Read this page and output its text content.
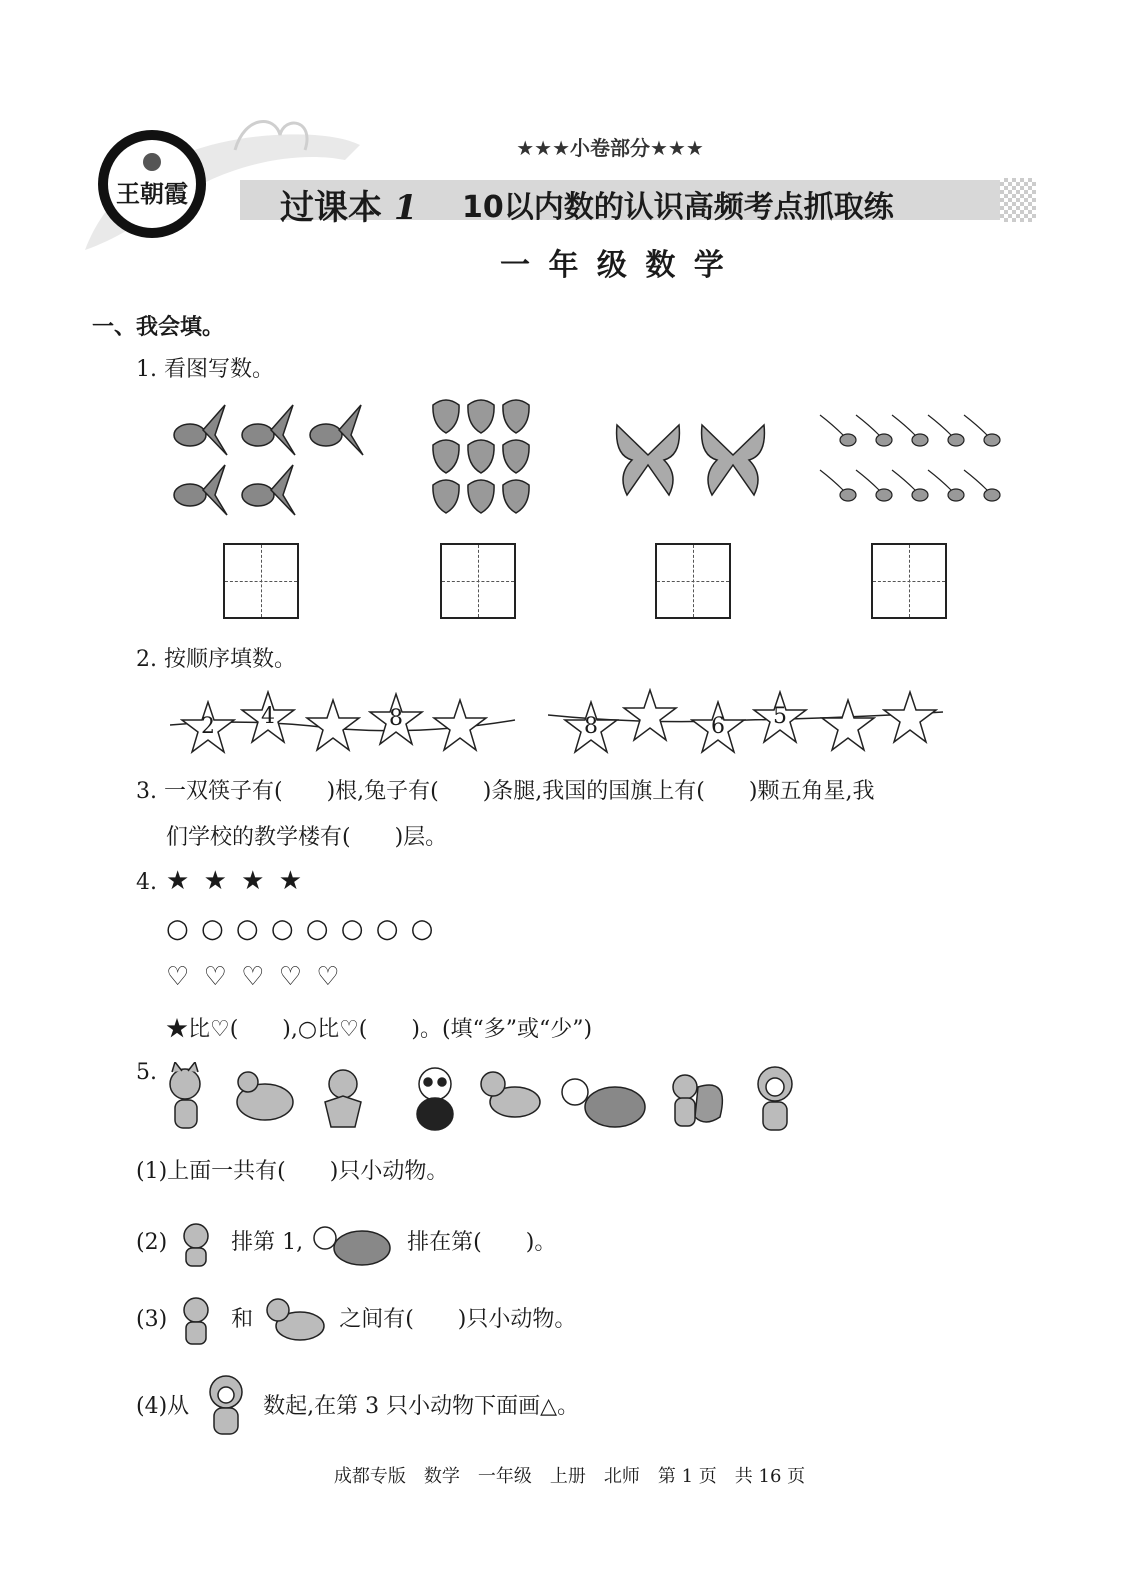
王朝霞
★★★小卷部分★★★
过课本 1 10以内数的认识高频考点抓取练
一 年 级 数 学
一、我会填。
1. 看图写数。
2. 按顺序填数。
2	4	8	8	6	5
3. 一双筷子有(　　)根,兔子有(　　)条腿,我国的国旗上有(　　)颗五角星,我
们学校的教学楼有(　　)层。
4. ★ ★ ★ ★
○ ○ ○ ○ ○ ○ ○ ○
♡ ♡ ♡ ♡ ♡
★比♡(　　),○比♡(　　)。(填“多”或“少”)
5.
(1)上面一共有(　　)只小动物。
(2)	排第 1,	排在第(　　)。
(3)	和	之间有(　　)只小动物。
(4)从	数起,在第 3 只小动物下面画△。
成都专版　数学　一年级　上册　北师　第 1 页　共 16 页
